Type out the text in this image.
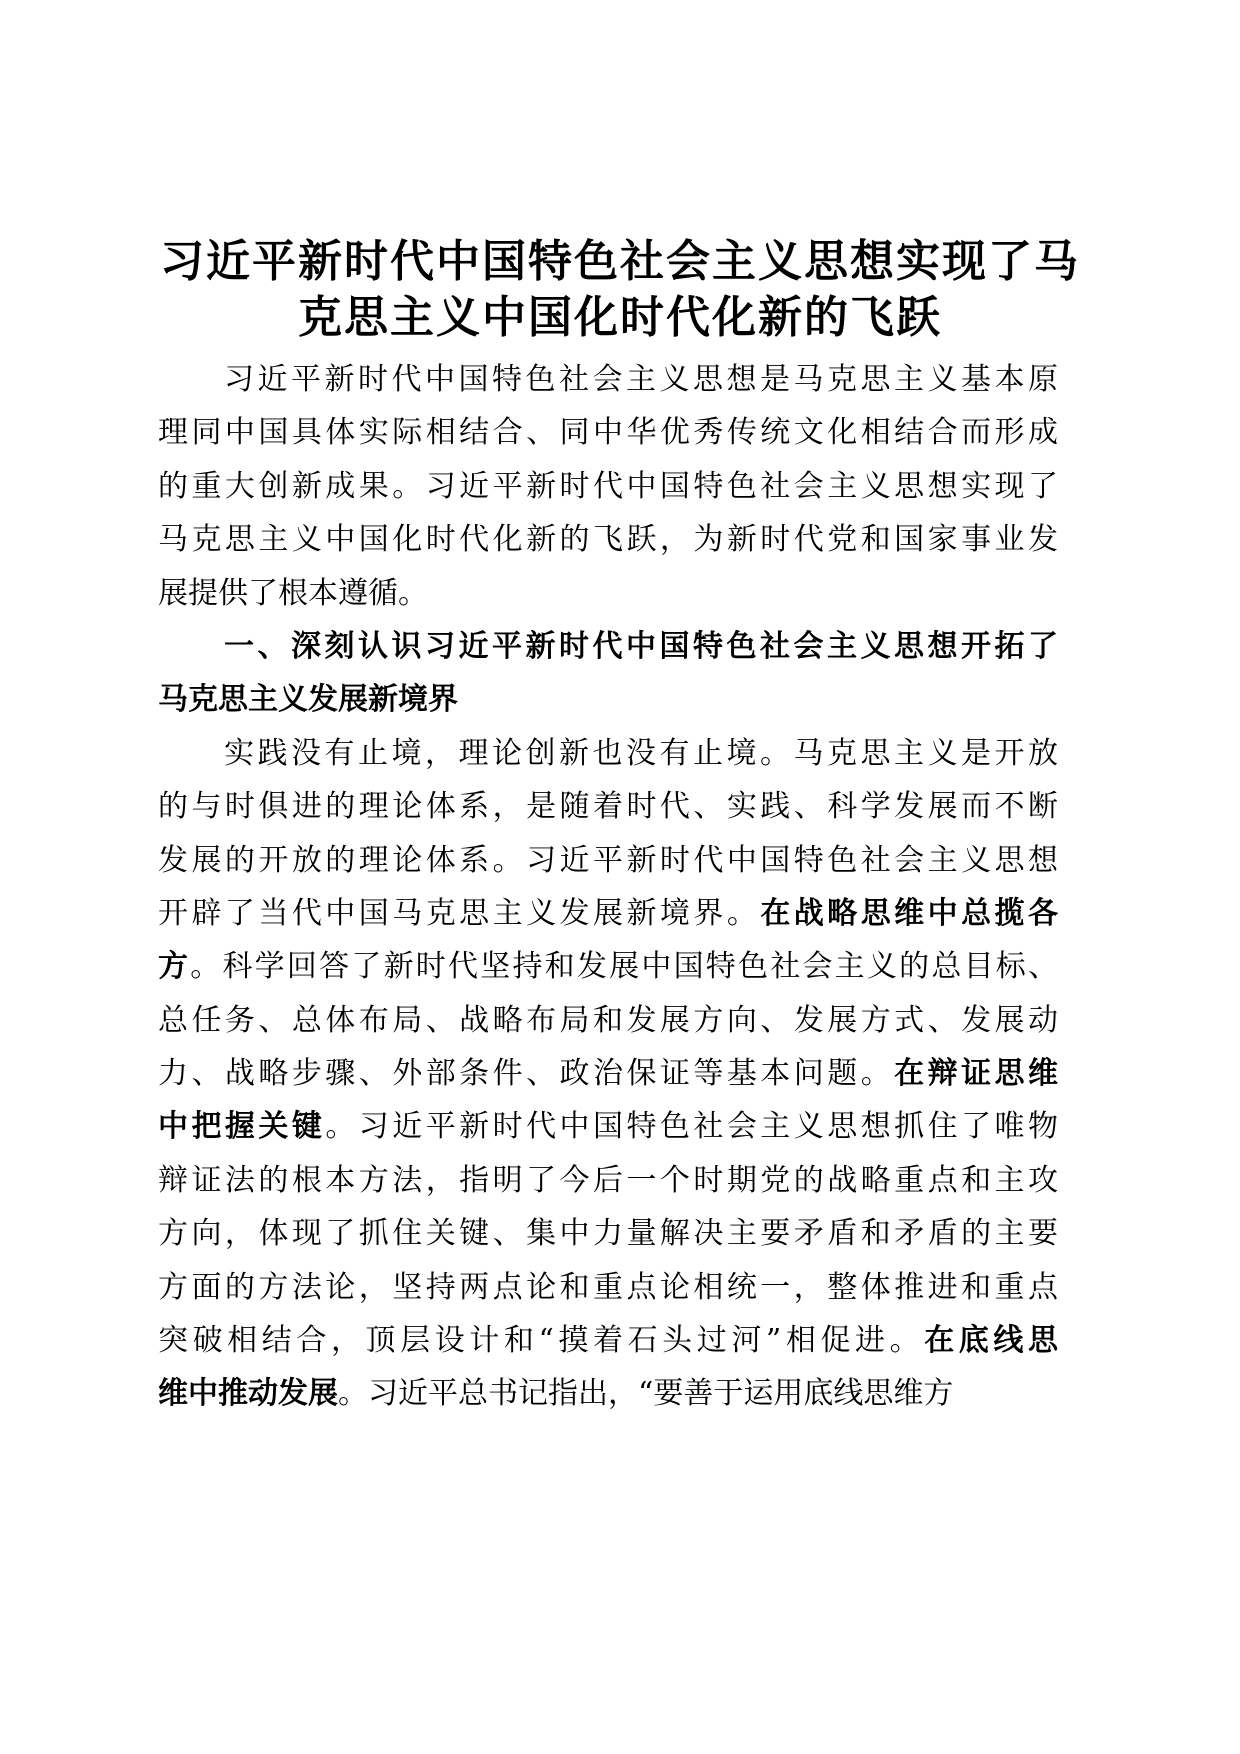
习近平新时代中国特色社会主义思想实现了马
克思主义中国化时代化新的飞跃
习近平新时代中国特色社会主义思想是马克思主义基本原
理同中国具体实际相结合、同中华优秀传统文化相结合而形成
的重大创新成果。习近平新时代中国特色社会主义思想实现了
马克思主义中国化时代化新的飞跃，为新时代党和国家事业发
展提供了根本遵循。
一、深刻认识习近平新时代中国特色社会主义思想开拓了
马克思主义发展新境界
实践没有止境，理论创新也没有止境。马克思主义是开放
的与时俱进的理论体系，是随着时代、实践、科学发展而不断
发展的开放的理论体系。习近平新时代中国特色社会主义思想
开辟了当代中国马克思主义发展新境界。在战略思维中总揽各
方。科学回答了新时代坚持和发展中国特色社会主义的总目标、
总任务、总体布局、战略布局和发展方向、发展方式、发展动
力、战略步骤、外部条件、政治保证等基本问题。在辩证思维
中把握关键。习近平新时代中国特色社会主义思想抓住了唯物
辩证法的根本方法，指明了今后一个时期党的战略重点和主攻
方向，体现了抓住关键、集中力量解决主要矛盾和矛盾的主要
方面的方法论，坚持两点论和重点论相统一，整体推进和重点
突破相结合，顶层设计和“摸着石头过河”相促进。在底线思
维中推动发展。习近平总书记指出，“要善于运用底线思维方
